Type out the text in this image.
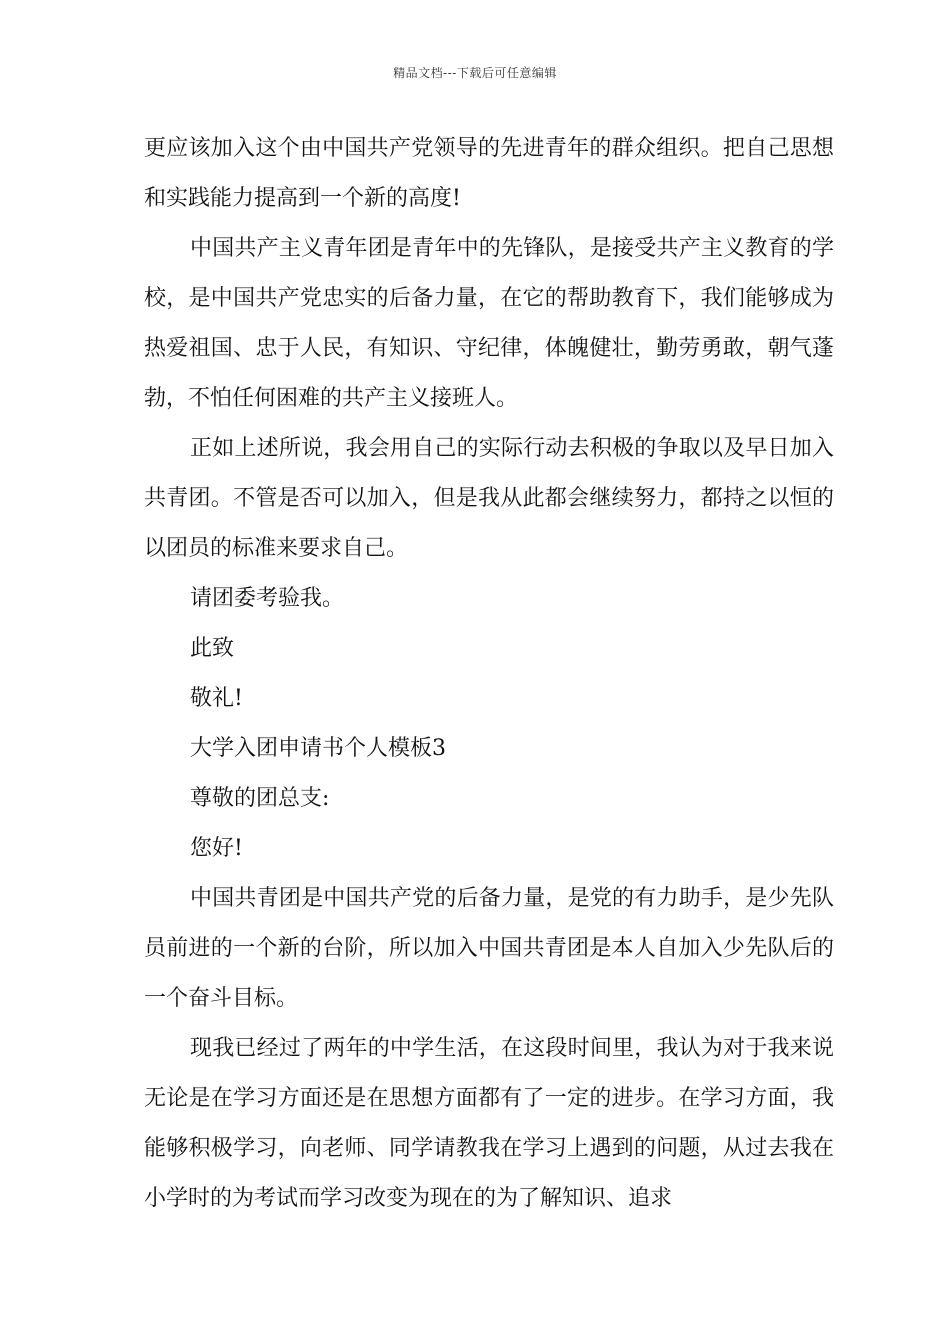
精品文档---下载后可任意编辑

更应该加入这个由中国共产党领导的先进青年的群众组织。把自己思想和实践能力提高到一个新的高度!

中国共产主义青年团是青年中的先锋队，是接受共产主义教育的学校，是中国共产党忠实的后备力量，在它的帮助教育下，我们能够成为热爱祖国、忠于人民，有知识、守纪律，体魄健壮，勤劳勇敢，朝气蓬勃，不怕任何困难的共产主义接班人。

正如上述所说，我会用自己的实际行动去积极的争取以及早日加入共青团。不管是否可以加入，但是我从此都会继续努力，都持之以恒的以团员的标准来要求自己。

请团委考验我。

此致

敬礼!

大学入团申请书个人模板3

尊敬的团总支:

您好!

中国共青团是中国共产党的后备力量，是党的有力助手，是少先队员前进的一个新的台阶，所以加入中国共青团是本人自加入少先队后的一个奋斗目标。

现我已经过了两年的中学生活，在这段时间里，我认为对于我来说无论是在学习方面还是在思想方面都有了一定的进步。在学习方面，我能够积极学习，向老师、同学请教我在学习上遇到的问题，从过去我在小学时的为考试而学习改变为现在的为了解知识、追求
